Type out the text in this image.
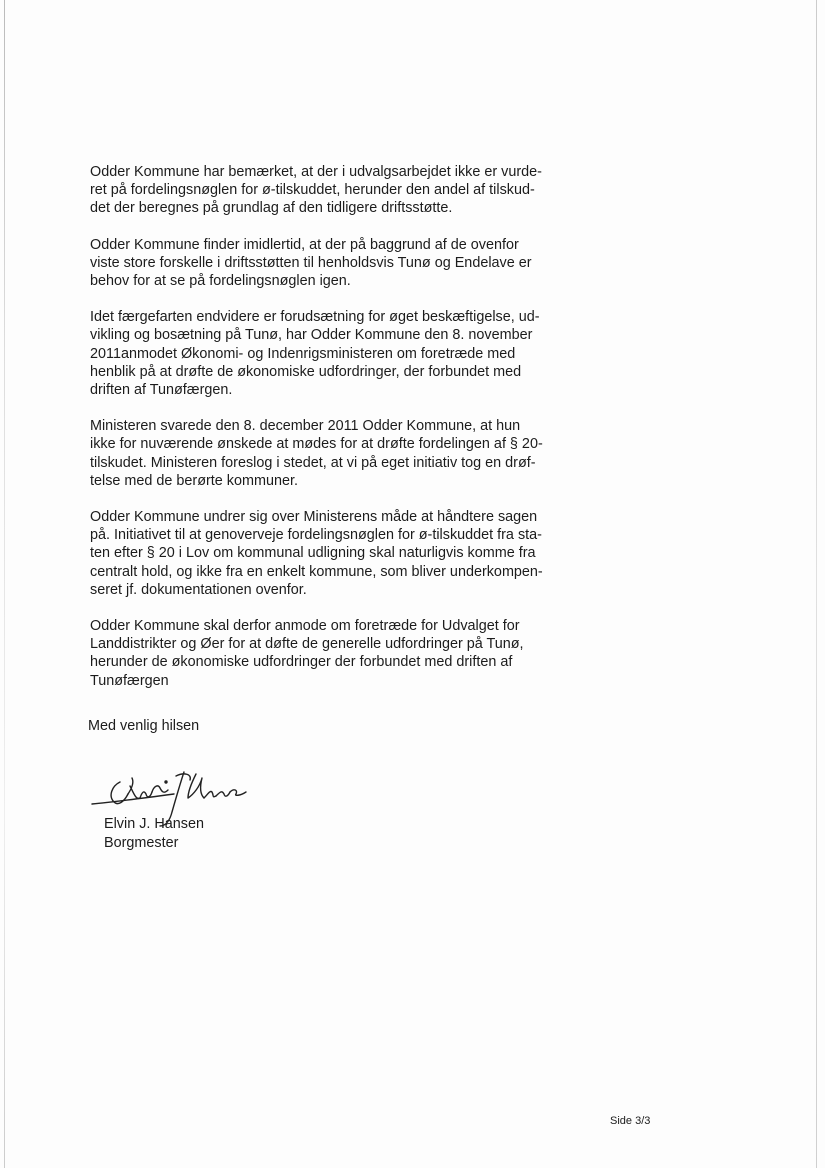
Odder Kommune har bemærket, at der i udvalgsarbejdet ikke er vurde-
ret på fordelingsnøglen for ø-tilskuddet, herunder den andel af tilskud-
det der beregnes på grundlag af den tidligere driftsstøtte.

Odder Kommune finder imidlertid, at der på baggrund af de ovenfor
viste store forskelle i driftsstøtten til henholdsvis Tunø og Endelave er
behov for at se på fordelingsnøglen igen.

Idet færgefarten endvidere er forudsætning for øget beskæftigelse, ud-
vikling og bosætning på Tunø, har Odder Kommune den 8. november
2011anmodet Økonomi- og Indenrigsministeren om foretræde med
henblik på at drøfte de økonomiske udfordringer, der forbundet med
driften af Tunøfærgen.

Ministeren svarede den 8. december 2011 Odder Kommune, at hun
ikke for nuværende ønskede at mødes for at drøfte fordelingen af § 20-
tilskudet. Ministeren foreslog i stedet, at vi på eget initiativ tog en drøf-
telse med de berørte kommuner.

Odder Kommune undrer sig over Ministerens måde at håndtere sagen
på. Initiativet til at genoverveje fordelingsnøglen for ø-tilskuddet fra sta-
ten efter § 20 i Lov om kommunal udligning skal naturligvis komme fra
centralt hold, og ikke fra en enkelt kommune, som bliver underkompen-
seret jf. dokumentationen ovenfor.

Odder Kommune skal derfor anmode om foretræde for Udvalget for
Landdistrikter og Øer for at døfte de generelle udfordringer på Tunø,
herunder de økonomiske udfordringer der forbundet med driften af
Tunøfærgen

Med venlig hilsen

Elvin J. Hansen

Borgmester

Side 3/3
